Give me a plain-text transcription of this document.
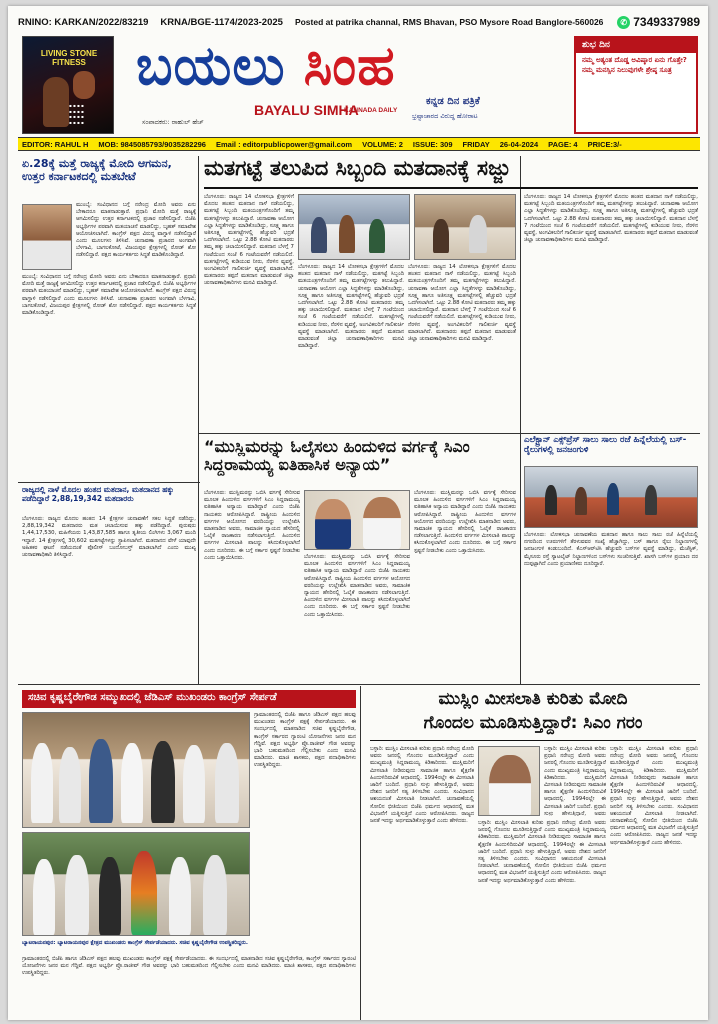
RNINO: KARKAN/2022/83219 KRNA/BGE-1174/2023-2025 Posted at patrika channal, RMS Bhavan, PSO Mysore Road Banglore-560026	✆ 7349337989
LIVING STONE FITNESS
▪ ▪ ▪ ▪
▪ ▪ ▪ ▪
▪ ▪ ▪ ▪
▪ ▪ ▪ ▪
ಬಯಲು ಸಿಂಹ
BAYALU SIMHA
KANNADA DAILY
ಕನ್ನಡ ದಿನ ಪತ್ರಿಕೆ
ಭ್ರಷ್ಟಾಚಾರದ ವಿರುದ್ಧ ಹೋರಾಟ
ಸಂಪಾದಕರು: ರಾಹುಲ್ ಹೆಚ್
ಶುಭ ದಿನ
ನಮ್ಮ ಅತ್ಯಂತ ದೊಡ್ಡ ಅವಿಷ್ಕಾರ ಏನು ಗೊತ್ತೇ? ನಮ್ಮ ಮನಸ್ಸಿನ ನಿಲುವುಗಳೇ ಶ್ರೇಷ್ಠ ಸೂತ್ರ
EDITOR: RAHUL H MOB: 9845085793/9035282296 Email : editorpublicpower@gmail.com VOLUME: 2 ISSUE: 309 FRIDAY 26-04-2024 PAGE: 4 PRICE:3/-
ಏ.28ಕ್ಕೆ ಮತ್ತೆ ರಾಜ್ಯಕ್ಕೆ ಮೋದಿ ಆಗಮನ, ಉತ್ತರ ಕರ್ನಾಟಕದಲ್ಲಿ ಮತಬೇಟೆ
ಮುಂಬೈ: ಸಂವಿಧಾನದ ಬಗ್ಗೆ ನರೇಂದ್ರ ಮೋದಿ ಅವರು ಏನು ಬೇಕಾದರೂ ಮಾತನಾಡುತ್ತಾರೆ. ಪ್ರಧಾನಿ ಮೋದಿ ಮತ್ತೆ ರಾಜ್ಯಕ್ಕೆ ಆಗಮಿಸಲಿದ್ದು ಉತ್ತರ ಕರ್ನಾಟಕದಲ್ಲಿ ಪ್ರಚಾರ ನಡೆಸಲಿದ್ದಾರೆ. ಬಿಜೆಪಿ ಅಭ್ಯರ್ಥಿಗಳ ಪರವಾಗಿ ಮತಯಾಚನೆ ಮಾಡಲಿದ್ದು, ಬೃಹತ್ ಸಮಾವೇಶ ಆಯೋಜಿಸಲಾಗಿದೆ. ಕಾಂಗ್ರೆಸ್ ಪಕ್ಷದ ವಿರುದ್ಧ ವಾಗ್ದಾಳಿ ನಡೆಸಲಿದ್ದಾರೆ ಎಂದು ಮೂಲಗಳು ತಿಳಿಸಿವೆ. ಚುನಾವಣಾ ಪ್ರಚಾರದ ಅಂಗವಾಗಿ ಬೆಳಗಾವಿ, ಬಾಗಲಕೋಟೆ, ವಿಜಯಪುರ ಕ್ಷೇತ್ರಗಳಲ್ಲಿ ರೋಡ್ ಶೋ ನಡೆಸಲಿದ್ದಾರೆ. ಪಕ್ಷದ ಕಾರ್ಯಕರ್ತರು ಸಿದ್ಧತೆ ಮಾಡಿಕೊಂಡಿದ್ದಾರೆ.
ಮುಂಬೈ: ಸಂವಿಧಾನದ ಬಗ್ಗೆ ನರೇಂದ್ರ ಮೋದಿ ಅವರು ಏನು ಬೇಕಾದರೂ ಮಾತನಾಡುತ್ತಾರೆ. ಪ್ರಧಾನಿ ಮೋದಿ ಮತ್ತೆ ರಾಜ್ಯಕ್ಕೆ ಆಗಮಿಸಲಿದ್ದು ಉತ್ತರ ಕರ್ನಾಟಕದಲ್ಲಿ ಪ್ರಚಾರ ನಡೆಸಲಿದ್ದಾರೆ. ಬಿಜೆಪಿ ಅಭ್ಯರ್ಥಿಗಳ ಪರವಾಗಿ ಮತಯಾಚನೆ ಮಾಡಲಿದ್ದು, ಬೃಹತ್ ಸಮಾವೇಶ ಆಯೋಜಿಸಲಾಗಿದೆ. ಕಾಂಗ್ರೆಸ್ ಪಕ್ಷದ ವಿರುದ್ಧ ವಾಗ್ದಾಳಿ ನಡೆಸಲಿದ್ದಾರೆ ಎಂದು ಮೂಲಗಳು ತಿಳಿಸಿವೆ. ಚುನಾವಣಾ ಪ್ರಚಾರದ ಅಂಗವಾಗಿ ಬೆಳಗಾವಿ, ಬಾಗಲಕೋಟೆ, ವಿಜಯಪುರ ಕ್ಷೇತ್ರಗಳಲ್ಲಿ ರೋಡ್ ಶೋ ನಡೆಸಲಿದ್ದಾರೆ. ಪಕ್ಷದ ಕಾರ್ಯಕರ್ತರು ಸಿದ್ಧತೆ ಮಾಡಿಕೊಂಡಿದ್ದಾರೆ.
ರಾಜ್ಯದಲ್ಲಿ ನಾಳೆ ಮೊದಲ ಹಂತದ ಮತದಾನ, ಮತದಾನದ ಹಕ್ಕು ಪಡೆದಿದ್ದಾರೆ 2,88,19,342 ಮತದಾರರು
ಬೆಂಗಳೂರು: ರಾಜ್ಯದ ಮೊದಲ ಹಂತದ 14 ಕ್ಷೇತ್ರಗಳ ಚುನಾವಣೆಗೆ ಸಕಲ ಸಿದ್ಧತೆ ನಡೆದಿದ್ದು, 2,88,19,342 ಮತದಾರರು ಮತ ಚಲಾಯಿಸುವ ಹಕ್ಕು ಪಡೆದಿದ್ದಾರೆ. ಪುರುಷರು 1,44,17,530, ಮಹಿಳೆಯರು 1,43,87,585 ಹಾಗೂ ತೃತೀಯ ಲಿಂಗಿಗಳು 3,067 ಮಂದಿ ಇದ್ದಾರೆ. 14 ಕ್ಷೇತ್ರಗಳಲ್ಲಿ 30,602 ಮತಗಟ್ಟೆಗಳನ್ನು ಸ್ಥಾಪಿಸಲಾಗಿದೆ. ಮತದಾನದ ವೇಳೆ ಯಾವುದೇ ಅಹಿತಕರ ಘಟನೆ ನಡೆಯದಂತೆ ಪೊಲೀಸ್ ಬಂದೋಬಸ್ತ್ ಮಾಡಲಾಗಿದೆ ಎಂದು ಮುಖ್ಯ ಚುನಾವಣಾಧಿಕಾರಿ ತಿಳಿಸಿದ್ದಾರೆ.
ಮತಗಟ್ಟೆ ತಲುಪಿದ ಸಿಬ್ಬಂದಿ ಮತದಾನಕ್ಕೆ ಸಜ್ಜು
ಬೆಂಗಳೂರು: ರಾಜ್ಯದ 14 ಲೋಕಸಭಾ ಕ್ಷೇತ್ರಗಳಿಗೆ ಮೊದಲ ಹಂತದ ಮತದಾನ ನಾಳೆ ನಡೆಯಲಿದ್ದು, ಮತಗಟ್ಟೆ ಸಿಬ್ಬಂದಿ ಮತಯಂತ್ರಗಳೊಂದಿಗೆ ತಮ್ಮ ಮತಗಟ್ಟೆಗಳನ್ನು ತಲುಪಿದ್ದಾರೆ. ಚುನಾವಣಾ ಆಯೋಗ ಎಲ್ಲಾ ಸಿದ್ಧತೆಗಳನ್ನು ಮಾಡಿಕೊಂಡಿದ್ದು, ಸೂಕ್ಷ್ಮ ಹಾಗೂ ಅತಿಸೂಕ್ಷ್ಮ ಮತಗಟ್ಟೆಗಳಲ್ಲಿ ಹೆಚ್ಚುವರಿ ಭದ್ರತೆ ಒದಗಿಸಲಾಗಿದೆ. ಒಟ್ಟು 2.88 ಕೋಟಿ ಮತದಾರರು ತಮ್ಮ ಹಕ್ಕು ಚಲಾಯಿಸಲಿದ್ದಾರೆ. ಮತದಾನ ಬೆಳಗ್ಗೆ 7 ಗಂಟೆಯಿಂದ ಸಂಜೆ 6 ಗಂಟೆಯವರೆಗೆ ನಡೆಯಲಿದೆ. ಮತಗಟ್ಟೆಗಳಲ್ಲಿ ಕುಡಿಯುವ ನೀರು, ನೆರಳಿನ ವ್ಯವಸ್ಥೆ, ಅಂಗವಿಕಲರಿಗೆ ಗಾಲಿಕುರ್ಚಿ ವ್ಯವಸ್ಥೆ ಮಾಡಲಾಗಿದೆ. ಮತದಾರರು ತಪ್ಪದೆ ಮತದಾನ ಮಾಡುವಂತೆ ಜಿಲ್ಲಾ ಚುನಾವಣಾಧಿಕಾರಿಗಳು ಮನವಿ ಮಾಡಿದ್ದಾರೆ.
ಬೆಂಗಳೂರು: ರಾಜ್ಯದ 14 ಲೋಕಸಭಾ ಕ್ಷೇತ್ರಗಳಿಗೆ ಮೊದಲ ಹಂತದ ಮತದಾನ ನಾಳೆ ನಡೆಯಲಿದ್ದು, ಮತಗಟ್ಟೆ ಸಿಬ್ಬಂದಿ ಮತಯಂತ್ರಗಳೊಂದಿಗೆ ತಮ್ಮ ಮತಗಟ್ಟೆಗಳನ್ನು ತಲುಪಿದ್ದಾರೆ. ಚುನಾವಣಾ ಆಯೋಗ ಎಲ್ಲಾ ಸಿದ್ಧತೆಗಳನ್ನು ಮಾಡಿಕೊಂಡಿದ್ದು, ಸೂಕ್ಷ್ಮ ಹಾಗೂ ಅತಿಸೂಕ್ಷ್ಮ ಮತಗಟ್ಟೆಗಳಲ್ಲಿ ಹೆಚ್ಚುವರಿ ಭದ್ರತೆ ಒದಗಿಸಲಾಗಿದೆ. ಒಟ್ಟು 2.88 ಕೋಟಿ ಮತದಾರರು ತಮ್ಮ ಹಕ್ಕು ಚಲಾಯಿಸಲಿದ್ದಾರೆ. ಮತದಾನ ಬೆಳಗ್ಗೆ 7 ಗಂಟೆಯಿಂದ ಸಂಜೆ 6 ಗಂಟೆಯವರೆಗೆ ನಡೆಯಲಿದೆ. ಮತಗಟ್ಟೆಗಳಲ್ಲಿ ಕುಡಿಯುವ ನೀರು, ನೆರಳಿನ ವ್ಯವಸ್ಥೆ, ಅಂಗವಿಕಲರಿಗೆ ಗಾಲಿಕುರ್ಚಿ ವ್ಯವಸ್ಥೆ ಮಾಡಲಾಗಿದೆ. ಮತದಾರರು ತಪ್ಪದೆ ಮತದಾನ ಮಾಡುವಂತೆ ಜಿಲ್ಲಾ ಚುನಾವಣಾಧಿಕಾರಿಗಳು ಮನವಿ ಮಾಡಿದ್ದಾರೆ.
ಬೆಂಗಳೂರು: ರಾಜ್ಯದ 14 ಲೋಕಸಭಾ ಕ್ಷೇತ್ರಗಳಿಗೆ ಮೊದಲ ಹಂತದ ಮತದಾನ ನಾಳೆ ನಡೆಯಲಿದ್ದು, ಮತಗಟ್ಟೆ ಸಿಬ್ಬಂದಿ ಮತಯಂತ್ರಗಳೊಂದಿಗೆ ತಮ್ಮ ಮತಗಟ್ಟೆಗಳನ್ನು ತಲುಪಿದ್ದಾರೆ. ಚುನಾವಣಾ ಆಯೋಗ ಎಲ್ಲಾ ಸಿದ್ಧತೆಗಳನ್ನು ಮಾಡಿಕೊಂಡಿದ್ದು, ಸೂಕ್ಷ್ಮ ಹಾಗೂ ಅತಿಸೂಕ್ಷ್ಮ ಮತಗಟ್ಟೆಗಳಲ್ಲಿ ಹೆಚ್ಚುವರಿ ಭದ್ರತೆ ಒದಗಿಸಲಾಗಿದೆ. ಒಟ್ಟು 2.88 ಕೋಟಿ ಮತದಾರರು ತಮ್ಮ ಹಕ್ಕು ಚಲಾಯಿಸಲಿದ್ದಾರೆ. ಮತದಾನ ಬೆಳಗ್ಗೆ 7 ಗಂಟೆಯಿಂದ ಸಂಜೆ 6 ಗಂಟೆಯವರೆಗೆ ನಡೆಯಲಿದೆ. ಮತಗಟ್ಟೆಗಳಲ್ಲಿ ಕುಡಿಯುವ ನೀರು, ನೆರಳಿನ ವ್ಯವಸ್ಥೆ, ಅಂಗವಿಕಲರಿಗೆ ಗಾಲಿಕುರ್ಚಿ ವ್ಯವಸ್ಥೆ ಮಾಡಲಾಗಿದೆ. ಮತದಾರರು ತಪ್ಪದೆ ಮತದಾನ ಮಾಡುವಂತೆ ಜಿಲ್ಲಾ ಚುನಾವಣಾಧಿಕಾರಿಗಳು ಮನವಿ ಮಾಡಿದ್ದಾರೆ.
ಬೆಂಗಳೂರು: ರಾಜ್ಯದ 14 ಲೋಕಸಭಾ ಕ್ಷೇತ್ರಗಳಿಗೆ ಮೊದಲ ಹಂತದ ಮತದಾನ ನಾಳೆ ನಡೆಯಲಿದ್ದು, ಮತಗಟ್ಟೆ ಸಿಬ್ಬಂದಿ ಮತಯಂತ್ರಗಳೊಂದಿಗೆ ತಮ್ಮ ಮತಗಟ್ಟೆಗಳನ್ನು ತಲುಪಿದ್ದಾರೆ. ಚುನಾವಣಾ ಆಯೋಗ ಎಲ್ಲಾ ಸಿದ್ಧತೆಗಳನ್ನು ಮಾಡಿಕೊಂಡಿದ್ದು, ಸೂಕ್ಷ್ಮ ಹಾಗೂ ಅತಿಸೂಕ್ಷ್ಮ ಮತಗಟ್ಟೆಗಳಲ್ಲಿ ಹೆಚ್ಚುವರಿ ಭದ್ರತೆ ಒದಗಿಸಲಾಗಿದೆ. ಒಟ್ಟು 2.88 ಕೋಟಿ ಮತದಾರರು ತಮ್ಮ ಹಕ್ಕು ಚಲಾಯಿಸಲಿದ್ದಾರೆ. ಮತದಾನ ಬೆಳಗ್ಗೆ 7 ಗಂಟೆಯಿಂದ ಸಂಜೆ 6 ಗಂಟೆಯವರೆಗೆ ನಡೆಯಲಿದೆ. ಮತಗಟ್ಟೆಗಳಲ್ಲಿ ಕುಡಿಯುವ ನೀರು, ನೆರಳಿನ ವ್ಯವಸ್ಥೆ, ಅಂಗವಿಕಲರಿಗೆ ಗಾಲಿಕುರ್ಚಿ ವ್ಯವಸ್ಥೆ ಮಾಡಲಾಗಿದೆ. ಮತದಾರರು ತಪ್ಪದೆ ಮತದಾನ ಮಾಡುವಂತೆ ಜಿಲ್ಲಾ ಚುನಾವಣಾಧಿಕಾರಿಗಳು ಮನವಿ ಮಾಡಿದ್ದಾರೆ.
“ಮುಸ್ಲಿಮರನ್ನು ಓಲೈಸಲು ಹಿಂದುಳಿದ ವರ್ಗಕ್ಕೆ ಸಿಎಂ ಸಿದ್ದರಾಮಯ್ಯ ಐತಿಹಾಸಿಕ ಅನ್ಯಾಯ”
ಬೆಂಗಳೂರು: ಮುಸ್ಲಿಮರನ್ನು ಒಬಿಸಿ ವರ್ಗಕ್ಕೆ ಸೇರಿಸುವ ಮೂಲಕ ಹಿಂದುಳಿದ ವರ್ಗಗಳಿಗೆ ಸಿಎಂ ಸಿದ್ದರಾಮಯ್ಯ ಐತಿಹಾಸಿಕ ಅನ್ಯಾಯ ಮಾಡಿದ್ದಾರೆ ಎಂದು ಬಿಜೆಪಿ ನಾಯಕರು ಆರೋಪಿಸಿದ್ದಾರೆ. ರಾಷ್ಟ್ರೀಯ ಹಿಂದುಳಿದ ವರ್ಗಗಳ ಆಯೋಗದ ವರದಿಯನ್ನು ಉಲ್ಲೇಖಿಸಿ ಮಾತನಾಡಿದ ಅವರು, ಸಾಮಾಜಿಕ ನ್ಯಾಯದ ಹೆಸರಿನಲ್ಲಿ ಓಲೈಕೆ ರಾಜಕಾರಣ ನಡೆಸಲಾಗುತ್ತಿದೆ. ಹಿಂದುಳಿದ ವರ್ಗಗಳ ಮೀಸಲಾತಿ ಪಾಲನ್ನು ಕಸಿದುಕೊಳ್ಳಲಾಗಿದೆ ಎಂದು ದೂರಿದರು. ಈ ಬಗ್ಗೆ ಸರ್ಕಾರ ಸ್ಪಷ್ಟನೆ ನೀಡಬೇಕು ಎಂದು ಒತ್ತಾಯಿಸಿದರು.	ಬೆಂಗಳೂರು: ಮುಸ್ಲಿಮರನ್ನು ಒಬಿಸಿ ವರ್ಗಕ್ಕೆ ಸೇರಿಸುವ ಮೂಲಕ ಹಿಂದುಳಿದ ವರ್ಗಗಳಿಗೆ ಸಿಎಂ ಸಿದ್ದರಾಮಯ್ಯ ಐತಿಹಾಸಿಕ ಅನ್ಯಾಯ ಮಾಡಿದ್ದಾರೆ ಎಂದು ಬಿಜೆಪಿ ನಾಯಕರು ಆರೋಪಿಸಿದ್ದಾರೆ. ರಾಷ್ಟ್ರೀಯ ಹಿಂದುಳಿದ ವರ್ಗಗಳ ಆಯೋಗದ ವರದಿಯನ್ನು ಉಲ್ಲೇಖಿಸಿ ಮಾತನಾಡಿದ ಅವರು, ಸಾಮಾಜಿಕ ನ್ಯಾಯದ ಹೆಸರಿನಲ್ಲಿ ಓಲೈಕೆ ರಾಜಕಾರಣ ನಡೆಸಲಾಗುತ್ತಿದೆ. ಹಿಂದುಳಿದ ವರ್ಗಗಳ ಮೀಸಲಾತಿ ಪಾಲನ್ನು ಕಸಿದುಕೊಳ್ಳಲಾಗಿದೆ ಎಂದು ದೂರಿದರು. ಈ ಬಗ್ಗೆ ಸರ್ಕಾರ ಸ್ಪಷ್ಟನೆ ನೀಡಬೇಕು ಎಂದು ಒತ್ತಾಯಿಸಿದರು.
ಬೆಂಗಳೂರು: ಮುಸ್ಲಿಮರನ್ನು ಒಬಿಸಿ ವರ್ಗಕ್ಕೆ ಸೇರಿಸುವ ಮೂಲಕ ಹಿಂದುಳಿದ ವರ್ಗಗಳಿಗೆ ಸಿಎಂ ಸಿದ್ದರಾಮಯ್ಯ ಐತಿಹಾಸಿಕ ಅನ್ಯಾಯ ಮಾಡಿದ್ದಾರೆ ಎಂದು ಬಿಜೆಪಿ ನಾಯಕರು ಆರೋಪಿಸಿದ್ದಾರೆ. ರಾಷ್ಟ್ರೀಯ ಹಿಂದುಳಿದ ವರ್ಗಗಳ ಆಯೋಗದ ವರದಿಯನ್ನು ಉಲ್ಲೇಖಿಸಿ ಮಾತನಾಡಿದ ಅವರು, ಸಾಮಾಜಿಕ ನ್ಯಾಯದ ಹೆಸರಿನಲ್ಲಿ ಓಲೈಕೆ ರಾಜಕಾರಣ ನಡೆಸಲಾಗುತ್ತಿದೆ. ಹಿಂದುಳಿದ ವರ್ಗಗಳ ಮೀಸಲಾತಿ ಪಾಲನ್ನು ಕಸಿದುಕೊಳ್ಳಲಾಗಿದೆ ಎಂದು ದೂರಿದರು. ಈ ಬಗ್ಗೆ ಸರ್ಕಾರ ಸ್ಪಷ್ಟನೆ ನೀಡಬೇಕು ಎಂದು ಒತ್ತಾಯಿಸಿದರು.
ಎಲೆಕ್ಟ್ರಾನ್ ಎಕ್ಸ್‌ಪ್ರೆಸ್ ಸಾಲು ಸಾಲು ರಜೆ ಹಿನ್ನೆಲೆಯಲ್ಲಿ ಬಸ್-ರೈಲುಗಳಲ್ಲಿ ಜನಜಂಗುಳಿ
ಬೆಂಗಳೂರು: ಲೋಕಸಭಾ ಚುನಾವಣೆಯ ಮತದಾನ ಹಾಗೂ ಸಾಲು ಸಾಲು ರಜೆ ಹಿನ್ನೆಲೆಯಲ್ಲಿ ನಗರದಿಂದ ಊರುಗಳಿಗೆ ತೆರಳುವವರ ಸಂಖ್ಯೆ ಹೆಚ್ಚಾಗಿದ್ದು, ಬಸ್ ಹಾಗೂ ರೈಲು ನಿಲ್ದಾಣಗಳಲ್ಲಿ ಜನಜಂಗುಳಿ ಕಂಡುಬಂದಿದೆ. ಕೆಎಸ್‌ಆರ್‌ಟಿಸಿ ಹೆಚ್ಚುವರಿ ಬಸ್‌ಗಳ ವ್ಯವಸ್ಥೆ ಮಾಡಿದ್ದು, ಮೆಜೆಸ್ಟಿಕ್, ಮೈಸೂರು ರಸ್ತೆ ಸ್ಯಾಟಲೈಟ್ ನಿಲ್ದಾಣಗಳಿಂದ ಬಸ್‌ಗಳು ಸಂಚರಿಸುತ್ತಿವೆ. ಖಾಸಗಿ ಬಸ್‌ಗಳ ಪ್ರಯಾಣ ದರ ದುಪ್ಪಟ್ಟಾಗಿದೆ ಎಂದು ಪ್ರಯಾಣಿಕರು ದೂರಿದ್ದಾರೆ.
ಸಚಿವ ಕೃಷ್ಣಬೈರೇಗೌಡ ಸಮ್ಮುಖದಲ್ಲಿ ಜೆಡಿಎಸ್ ಮುಖಂಡರು ಕಾಂಗ್ರೆಸ್ ಸೇರ್ಪಡೆ
ಗ್ರಾಮಾಂತರದಲ್ಲಿ ಬಿಜೆಪಿ ಹಾಗೂ ಜೆಡಿಎಸ್ ಪಕ್ಷದ ಹಲವು ಮುಖಂಡರು ಕಾಂಗ್ರೆಸ್ ಪಕ್ಷಕ್ಕೆ ಸೇರ್ಪಡೆಯಾದರು. ಈ ಸಂದರ್ಭದಲ್ಲಿ ಮಾತನಾಡಿದ ಸಚಿವ ಕೃಷ್ಣಬೈರೇಗೌಡ, ಕಾಂಗ್ರೆಸ್ ಸರ್ಕಾರದ ಗ್ಯಾರಂಟಿ ಯೋಜನೆಗಳು ಜನರ ಮನ ಗೆದ್ದಿವೆ. ಪಕ್ಷದ ಅಭ್ಯರ್ಥಿ ಪ್ರೊ.ರಾಜೀವ್ ಗೌಡ ಅವರನ್ನು ಭಾರಿ ಬಹುಮತದಿಂದ ಗೆಲ್ಲಿಸಬೇಕು ಎಂದು ಮನವಿ ಮಾಡಿದರು. ಮಾಜಿ ಶಾಸಕರು, ಪಕ್ಷದ ಪದಾಧಿಕಾರಿಗಳು ಉಪಸ್ಥಿತರಿದ್ದರು.
ಬ್ಯಾಟರಾಯನಪುರ: ಬ್ಯಾಟರಾಯನಪುರ ಕ್ಷೇತ್ರದ ಮುಖಂಡರು ಕಾಂಗ್ರೆಸ್ ಸೇರ್ಪಡೆಯಾದರು. ಸಚಿವ ಕೃಷ್ಣಬೈರೇಗೌಡ ಉಪಸ್ಥಿತರಿದ್ದರು.
ಗ್ರಾಮಾಂತರದಲ್ಲಿ ಬಿಜೆಪಿ ಹಾಗೂ ಜೆಡಿಎಸ್ ಪಕ್ಷದ ಹಲವು ಮುಖಂಡರು ಕಾಂಗ್ರೆಸ್ ಪಕ್ಷಕ್ಕೆ ಸೇರ್ಪಡೆಯಾದರು. ಈ ಸಂದರ್ಭದಲ್ಲಿ ಮಾತನಾಡಿದ ಸಚಿವ ಕೃಷ್ಣಬೈರೇಗೌಡ, ಕಾಂಗ್ರೆಸ್ ಸರ್ಕಾರದ ಗ್ಯಾರಂಟಿ ಯೋಜನೆಗಳು ಜನರ ಮನ ಗೆದ್ದಿವೆ. ಪಕ್ಷದ ಅಭ್ಯರ್ಥಿ ಪ್ರೊ.ರಾಜೀವ್ ಗೌಡ ಅವರನ್ನು ಭಾರಿ ಬಹುಮತದಿಂದ ಗೆಲ್ಲಿಸಬೇಕು ಎಂದು ಮನವಿ ಮಾಡಿದರು. ಮಾಜಿ ಶಾಸಕರು, ಪಕ್ಷದ ಪದಾಧಿಕಾರಿಗಳು ಉಪಸ್ಥಿತರಿದ್ದರು.
ಮುಸ್ಲಿಂ ಮೀಸಲಾತಿ ಕುರಿತು ಮೋದಿ
ಗೊಂದಲ ಮೂಡಿಸುತ್ತಿದ್ದಾರೆ: ಸಿಎಂ ಗರಂ
ಬಳ್ಳಾರಿ: ಮುಸ್ಲಿಂ ಮೀಸಲಾತಿ ಕುರಿತು ಪ್ರಧಾನಿ ನರೇಂದ್ರ ಮೋದಿ ಅವರು ಜನರಲ್ಲಿ ಗೊಂದಲ ಮೂಡಿಸುತ್ತಿದ್ದಾರೆ ಎಂದು ಮುಖ್ಯಮಂತ್ರಿ ಸಿದ್ದರಾಮಯ್ಯ ಕಿಡಿಕಾರಿದರು. ಮುಸ್ಲಿಮರಿಗೆ ಮೀಸಲಾತಿ ನೀಡಿರುವುದು ಸಾಮಾಜಿಕ ಹಾಗೂ ಶೈಕ್ಷಣಿಕ ಹಿಂದುಳಿದಿರುವಿಕೆ ಆಧಾರದಲ್ಲಿ. 1994ರಲ್ಲೇ ಈ ಮೀಸಲಾತಿ ಜಾರಿಗೆ ಬಂದಿದೆ. ಪ್ರಧಾನಿ ಸುಳ್ಳು ಹೇಳುತ್ತಿದ್ದಾರೆ, ಅವರು ದೇಶದ ಜನರಿಗೆ ಸತ್ಯ ತಿಳಿಸಬೇಕು ಎಂದರು. ಸಂವಿಧಾನದ ಆಶಯದಂತೆ ಮೀಸಲಾತಿ ನೀಡಲಾಗಿದೆ. ಚುನಾವಣೆಯಲ್ಲಿ ಸೋಲಿನ ಭೀತಿಯಿಂದ ಬಿಜೆಪಿ ಧರ್ಮದ ಆಧಾರದಲ್ಲಿ ಮತ ವಿಭಜನೆಗೆ ಯತ್ನಿಸುತ್ತಿದೆ ಎಂದು ಆರೋಪಿಸಿದರು. ರಾಜ್ಯದ ಜನತೆ ಇದನ್ನು ಅರ್ಥಮಾಡಿಕೊಳ್ಳುತ್ತಾರೆ ಎಂದು ಹೇಳಿದರು.
ಬಳ್ಳಾರಿ: ಮುಸ್ಲಿಂ ಮೀಸಲಾತಿ ಕುರಿತು ಪ್ರಧಾನಿ ನರೇಂದ್ರ ಮೋದಿ ಅವರು ಜನರಲ್ಲಿ ಗೊಂದಲ ಮೂಡಿಸುತ್ತಿದ್ದಾರೆ ಎಂದು ಮುಖ್ಯಮಂತ್ರಿ ಸಿದ್ದರಾಮಯ್ಯ ಕಿಡಿಕಾರಿದರು. ಮುಸ್ಲಿಮರಿಗೆ ಮೀಸಲಾತಿ ನೀಡಿರುವುದು ಸಾಮಾಜಿಕ ಹಾಗೂ ಶೈಕ್ಷಣಿಕ ಹಿಂದುಳಿದಿರುವಿಕೆ ಆಧಾರದಲ್ಲಿ. 1994ರಲ್ಲೇ ಈ ಮೀಸಲಾತಿ ಜಾರಿಗೆ ಬಂದಿದೆ. ಪ್ರಧಾನಿ ಸುಳ್ಳು ಹೇಳುತ್ತಿದ್ದಾರೆ, ಅವರು
ಬಳ್ಳಾರಿ: ಮುಸ್ಲಿಂ ಮೀಸಲಾತಿ ಕುರಿತು ಪ್ರಧಾನಿ ನರೇಂದ್ರ ಮೋದಿ ಅವರು ಜನರಲ್ಲಿ ಗೊಂದಲ ಮೂಡಿಸುತ್ತಿದ್ದಾರೆ ಎಂದು ಮುಖ್ಯಮಂತ್ರಿ ಸಿದ್ದರಾಮಯ್ಯ ಕಿಡಿಕಾರಿದರು. ಮುಸ್ಲಿಮರಿಗೆ ಮೀಸಲಾತಿ ನೀಡಿರುವುದು ಸಾಮಾಜಿಕ ಹಾಗೂ ಶೈಕ್ಷಣಿಕ ಹಿಂದುಳಿದಿರುವಿಕೆ ಆಧಾರದಲ್ಲಿ. 1994ರಲ್ಲೇ ಈ ಮೀಸಲಾತಿ ಜಾರಿಗೆ ಬಂದಿದೆ. ಪ್ರಧಾನಿ ಸುಳ್ಳು ಹೇಳುತ್ತಿದ್ದಾರೆ, ಅವರು ದೇಶದ ಜನರಿಗೆ ಸತ್ಯ ತಿಳಿಸಬೇಕು ಎಂದರು. ಸಂವಿಧಾನದ ಆಶಯದಂತೆ ಮೀಸಲಾತಿ ನೀಡಲಾಗಿದೆ. ಚುನಾವಣೆಯಲ್ಲಿ ಸೋಲಿನ ಭೀತಿಯಿಂದ ಬಿಜೆಪಿ ಧರ್ಮದ ಆಧಾರದಲ್ಲಿ ಮತ ವಿಭಜನೆಗೆ ಯತ್ನಿಸುತ್ತಿದೆ ಎಂದು ಆರೋಪಿಸಿದರು. ರಾಜ್ಯದ ಜನತೆ ಇದನ್ನು ಅರ್ಥಮಾಡಿಕೊಳ್ಳುತ್ತಾರೆ ಎಂದು ಹೇಳಿದರು.
ಬಳ್ಳಾರಿ: ಮುಸ್ಲಿಂ ಮೀಸಲಾತಿ ಕುರಿತು ಪ್ರಧಾನಿ ನರೇಂದ್ರ ಮೋದಿ ಅವರು ಜನರಲ್ಲಿ ಗೊಂದಲ ಮೂಡಿಸುತ್ತಿದ್ದಾರೆ ಎಂದು ಮುಖ್ಯಮಂತ್ರಿ ಸಿದ್ದರಾಮಯ್ಯ ಕಿಡಿಕಾರಿದರು. ಮುಸ್ಲಿಮರಿಗೆ ಮೀಸಲಾತಿ ನೀಡಿರುವುದು ಸಾಮಾಜಿಕ ಹಾಗೂ ಶೈಕ್ಷಣಿಕ ಹಿಂದುಳಿದಿರುವಿಕೆ ಆಧಾರದಲ್ಲಿ. 1994ರಲ್ಲೇ ಈ ಮೀಸಲಾತಿ ಜಾರಿಗೆ ಬಂದಿದೆ. ಪ್ರಧಾನಿ ಸುಳ್ಳು ಹೇಳುತ್ತಿದ್ದಾರೆ, ಅವರು ದೇಶದ ಜನರಿಗೆ ಸತ್ಯ ತಿಳಿಸಬೇಕು ಎಂದರು. ಸಂವಿಧಾನದ ಆಶಯದಂತೆ ಮೀಸಲಾತಿ ನೀಡಲಾಗಿದೆ. ಚುನಾವಣೆಯಲ್ಲಿ ಸೋಲಿನ ಭೀತಿಯಿಂದ ಬಿಜೆಪಿ ಧರ್ಮದ ಆಧಾರದಲ್ಲಿ ಮತ ವಿಭಜನೆಗೆ ಯತ್ನಿಸುತ್ತಿದೆ ಎಂದು ಆರೋಪಿಸಿದರು. ರಾಜ್ಯದ ಜನತೆ ಇದನ್ನು ಅರ್ಥಮಾಡಿಕೊಳ್ಳುತ್ತಾರೆ ಎಂದು ಹೇಳಿದರು.
